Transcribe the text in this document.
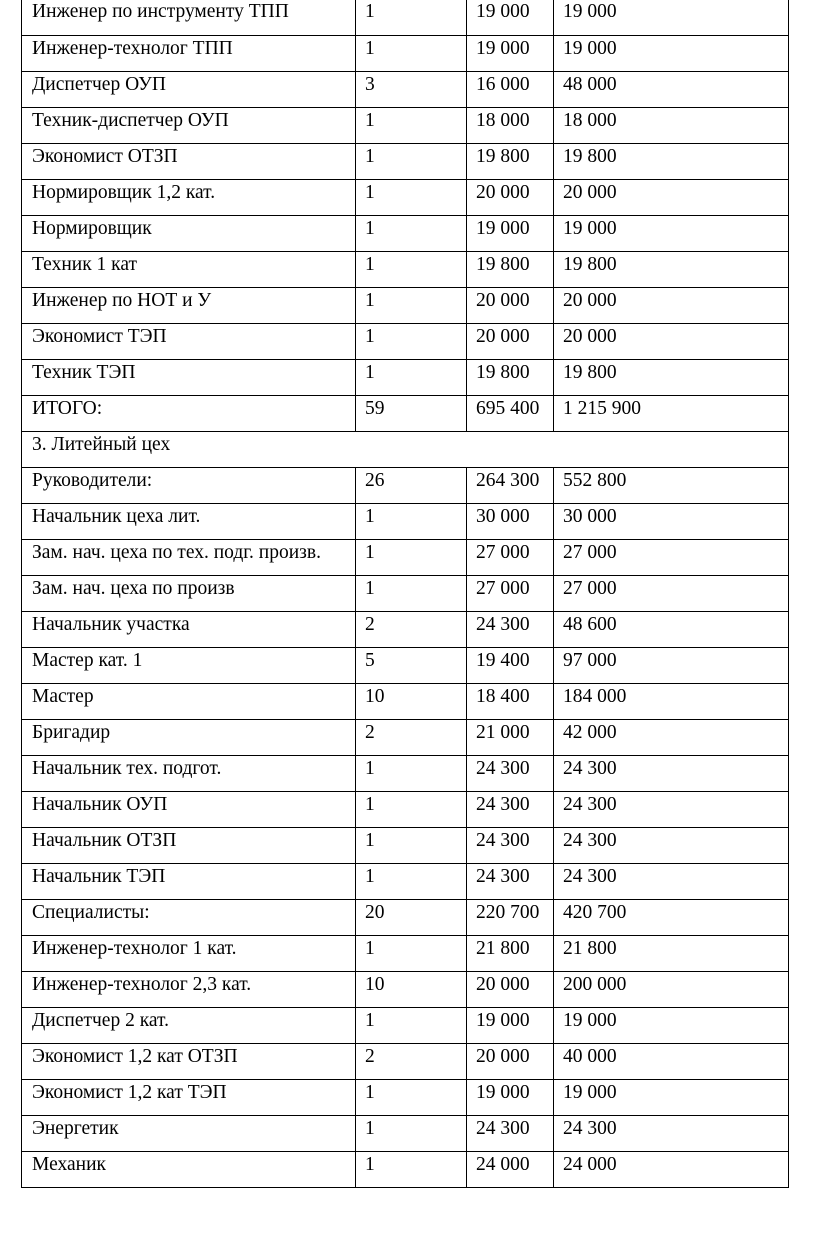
Инженер по инструменту ТПП	1	19 000	19 000
Инженер-технолог ТПП	1	19 000	19 000
Диспетчер ОУП	3	16 000	48 000
Техник-диспетчер ОУП	1	18 000	18 000
Экономист ОТЗП	1	19 800	19 800
Нормировщик 1,2 кат.	1	20 000	20 000
Нормировщик	1	19 000	19 000
Техник 1 кат	1	19 800	19 800
Инженер по НОТ и У	1	20 000	20 000
Экономист ТЭП	1	20 000	20 000
Техник ТЭП	1	19 800	19 800
ИТОГО:	59	695 400	1 215 900
3. Литейный цех			
Руководители:	26	264 300	552 800
Начальник цеха лит.	1	30 000	30 000
Зам. нач. цеха по тех. подг. произв.	1	27 000	27 000
Зам. нач. цеха по произв	1	27 000	27 000
Начальник участка	2	24 300	48 600
Мастер кат. 1	5	19 400	97 000
Мастер	10	18 400	184 000
Бригадир	2	21 000	42 000
Начальник тех. подгот.	1	24 300	24 300
Начальник ОУП	1	24 300	24 300
Начальник ОТЗП	1	24 300	24 300
Начальник ТЭП	1	24 300	24 300
Специалисты:	20	220 700	420 700
Инженер-технолог 1 кат.	1	21 800	21 800
Инженер-технолог 2,3 кат.	10	20 000	200 000
Диспетчер 2 кат.	1	19 000	19 000
Экономист 1,2 кат ОТЗП	2	20 000	40 000
Экономист 1,2 кат ТЭП	1	19 000	19 000
Энергетик	1	24 300	24 300
Механик	1	24 000	24 000
